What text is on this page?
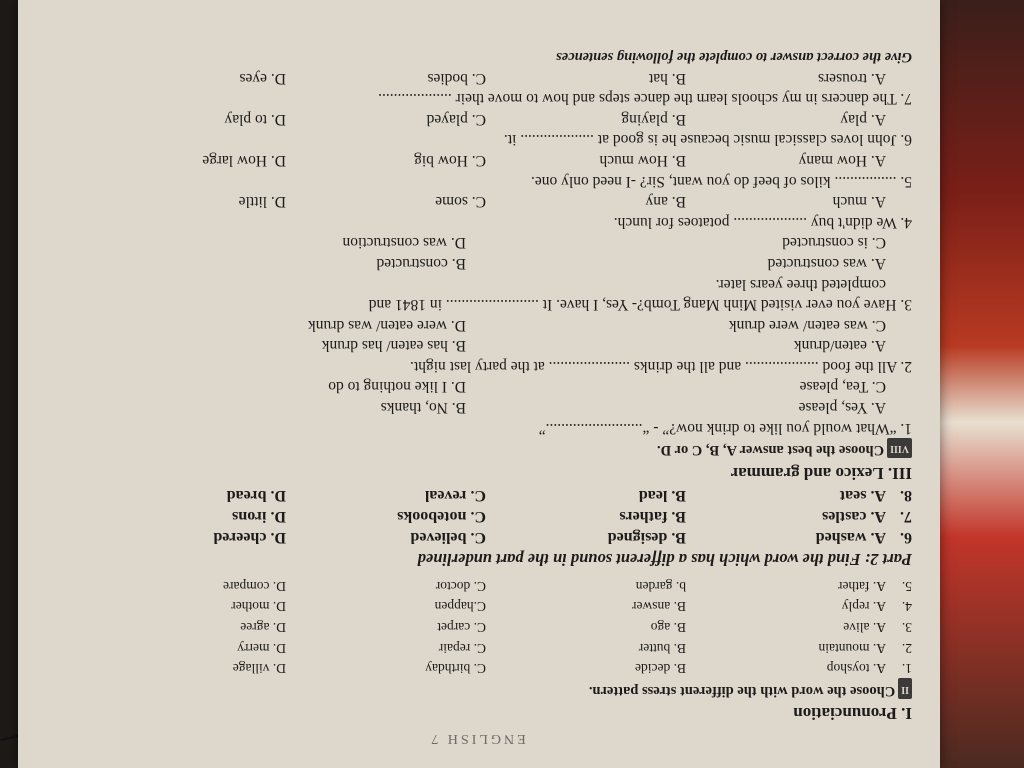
ENGLISH 7
I. Pronunciation
IIChoose the word with the different stress pattern.
1.
A. toyshop
B. decide
C. birthday
D. village
2.
A. mountain
B. butter
C. repair
D. merry
3.
A. alive
B. ago
C. carpet
D. agree
4.
A. reply
B. answer
C.happen
D. mother
5.
A. father
b. garden
C. doctor
D. compare
Part 2: Find the word which has a different sound in the part underlined
6.
A. washed
B. designed
C. believed
D. cheered
7.
A. castles
B. fathers
C. notebooks
D. irons
8.
A. seat
B. lead
C. reveal
D. bread
III. Lexico and grammar
VIIIChoose the best answer A, B, C or D.
1. “What would you like to drink now?” - “.........................”
A. Yes, please
B. No, thanks
C. Tea, please
D. I like nothing to do
2. All the food ................... and all the drinks ..................... at the party last night.
A. eaten/drunk
B. has eaten/ has drunk
C. was eaten/ were drunk
D. were eaten/ was drunk
3. Have you ever visited Minh Mang Tomb?- Yes, I have. It ........................ in 1841 and
completed three years later.
A. was constructed
B. constructed
C. is constructed
D. was construction
4. We didn't buy ................... potatoes for lunch.
A. much
B. any
C. some
D. little
5. ................ kilos of beef do you want, Sir? -I need only one.
A. How many
B. How much
C. How big
D. How large
6. John loves classical music because he is good at ................... it.
A. play
B. playing
C. played
D. to play
7. The dancers in my schools learn the dance steps and how to move their ...................
A. trousers
B. hat
C. bodies
D. eyes
Give the correct answer to complete the following sentences
